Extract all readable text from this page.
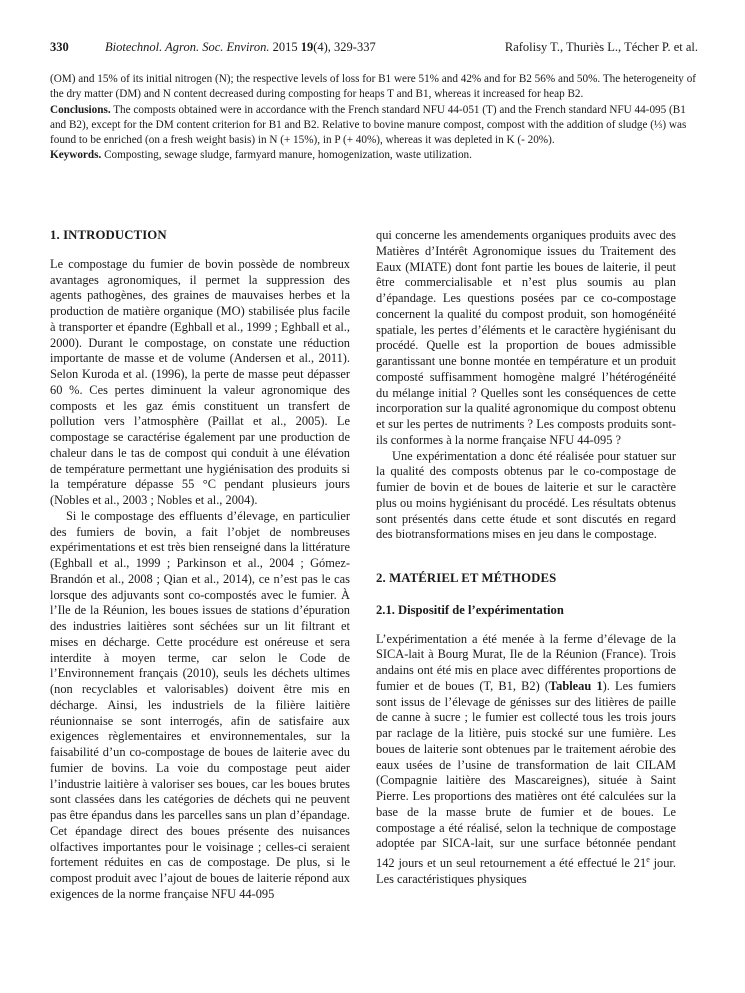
330	Biotechnol. Agron. Soc. Environ. 2015 19(4), 329-337	Rafolisy T., Thuriès L., Técher P. et al.

(OM) and 15% of its initial nitrogen (N); the respective levels of loss for B1 were 51% and 42% and for B2 56% and 50%. The heterogeneity of the dry matter (DM) and N content decreased during composting for heaps T and B1, whereas it increased for heap B2.

Conclusions. The composts obtained were in accordance with the French standard NFU 44-051 (T) and the French standard NFU 44-095 (B1 and B2), except for the DM content criterion for B1 and B2. Relative to bovine manure compost, compost with the addition of sludge (⅓) was found to be enriched (on a fresh weight basis) in N (+ 15%), in P (+ 40%), whereas it was depleted in K (- 20%).

Keywords. Composting, sewage sludge, farmyard manure, homogenization, waste utilization.

1. INTRODUCTION

Le compostage du fumier de bovin possède de nombreux avantages agronomiques, il permet la suppression des agents pathogènes, des graines de mauvaises herbes et la production de matière organique (MO) stabilisée plus facile à transporter et épandre (Eghball et al., 1999 ; Eghball et al., 2000). Durant le compostage, on constate une réduction importante de masse et de volume (Andersen et al., 2011). Selon Kuroda et al. (1996), la perte de masse peut dépasser 60 %. Ces pertes diminuent la valeur agronomique des composts et les gaz émis constituent un transfert de pollution vers l’atmosphère (Paillat et al., 2005). Le compostage se caractérise également par une production de chaleur dans le tas de compost qui conduit à une élévation de température permettant une hygiénisation des produits si la température dépasse 55 °C pendant plusieurs jours (Nobles et al., 2003 ; Nobles et al., 2004).

Si le compostage des effluents d’élevage, en particulier des fumiers de bovin, a fait l’objet de nombreuses expérimentations et est très bien renseigné dans la littérature (Eghball et al., 1999 ; Parkinson et al., 2004 ; Gómez-Brandón et al., 2008 ; Qian et al., 2014), ce n’est pas le cas lorsque des adjuvants sont co-compostés avec le fumier. À l’Ile de la Réunion, les boues issues de stations d’épuration des industries laitières sont séchées sur un lit filtrant et mises en décharge. Cette procédure est onéreuse et sera interdite à moyen terme, car selon le Code de l’Environnement français (2010), seuls les déchets ultimes (non recyclables et valorisables) doivent être mis en décharge. Ainsi, les industriels de la filière laitière réunionnaise se sont interrogés, afin de satisfaire aux exigences règlementaires et environnementales, sur la faisabilité d’un co-compostage de boues de laiterie avec du fumier de bovins. La voie du compostage peut aider l’industrie laitière à valoriser ses boues, car les boues brutes sont classées dans les catégories de déchets qui ne peuvent pas être épandus dans les parcelles sans un plan d’épandage. Cet épandage direct des boues présente des nuisances olfactives importantes pour le voisinage ; celles-ci seraient fortement réduites en cas de compostage. De plus, si le compost produit avec l’ajout de boues de laiterie répond aux exigences de la norme française NFU 44-095

qui concerne les amendements organiques produits avec des Matières d’Intérêt Agronomique issues du Traitement des Eaux (MIATE) dont font partie les boues de laiterie, il peut être commercialisable et n’est plus soumis au plan d’épandage. Les questions posées par ce co-compostage concernent la qualité du compost produit, son homogénéité spatiale, les pertes d’éléments et le caractère hygiénisant du procédé. Quelle est la proportion de boues admissible garantissant une bonne montée en température et un produit composté suffisamment homogène malgré l’hétérogénéité du mélange initial ? Quelles sont les conséquences de cette incorporation sur la qualité agronomique du compost obtenu et sur les pertes de nutriments ? Les composts produits sont-ils conformes à la norme française NFU 44-095 ?

Une expérimentation a donc été réalisée pour statuer sur la qualité des composts obtenus par le co-compostage de fumier de bovin et de boues de laiterie et sur le caractère plus ou moins hygiénisant du procédé. Les résultats obtenus sont présentés dans cette étude et sont discutés en regard des biotransformations mises en jeu dans le compostage.

2. MATÉRIEL ET MÉTHODES
2.1. Dispositif de l’expérimentation

L’expérimentation a été menée à la ferme d’élevage de la SICA-lait à Bourg Murat, Ile de la Réunion (France). Trois andains ont été mis en place avec différentes proportions de fumier et de boues (T, B1, B2) (Tableau 1). Les fumiers sont issus de l’élevage de génisses sur des litières de paille de canne à sucre ; le fumier est collecté tous les trois jours par raclage de la litière, puis stocké sur une fumière. Les boues de laiterie sont obtenues par le traitement aérobie des eaux usées de l’usine de transformation de lait CILAM (Compagnie laitière des Mascareignes), située à Saint Pierre. Les proportions des matières ont été calculées sur la base de la masse brute de fumier et de boues. Le compostage a été réalisé, selon la technique de compostage adoptée par SICA-lait, sur une surface bétonnée pendant 142 jours et un seul retournement a été effectué le 21e jour. Les caractéristiques physiques
